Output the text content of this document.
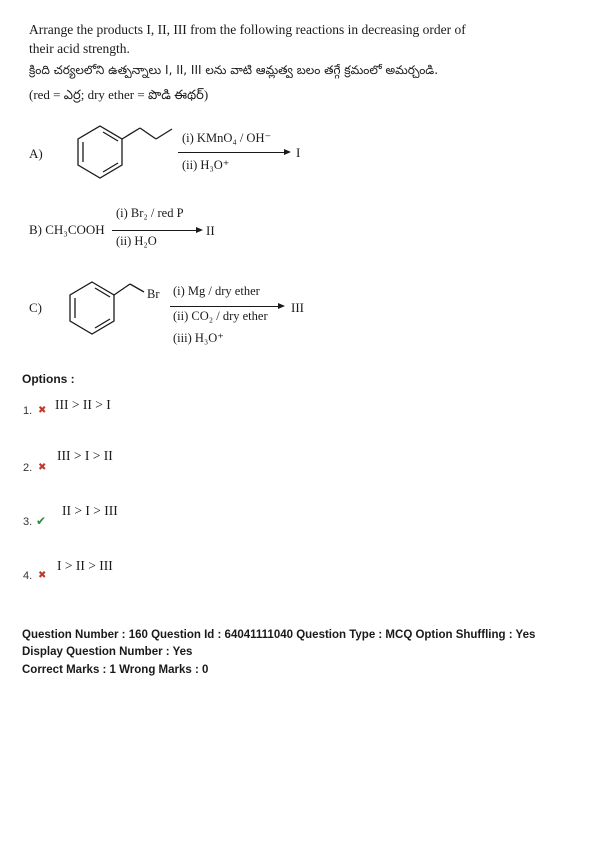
Arrange the products I, II, III from the following reactions in decreasing order of their acid strength.
క్రింది చర్యలలోని ఉత్పన్నాలు I, II, III లను వాటి ఆమ్లత్వ బలం తగ్గే క్రమంలో అమర్చండి.
(red = ఎర్ర; dry ether = పొడి ఈథర్)
A)
(i) KMnO₄ / OH⁻
(ii) H₃O⁺
I
B) CH₃COOH
(i) Br₂ / red P
(ii) H₂O
II
C)
Br (i) Mg / dry ether
(ii) CO₂ / dry ether
(iii) H₃O⁺
III
Options :
1. ✖ III > II > I
2. ✖
III > I > II
3. ✔
II > I > III
4. ✖
I > II > III
Question Number : 160 Question Id : 64041111040 Question Type : MCQ Option Shuffling : Yes
Display Question Number : Yes
Correct Marks : 1 Wrong Marks : 0
